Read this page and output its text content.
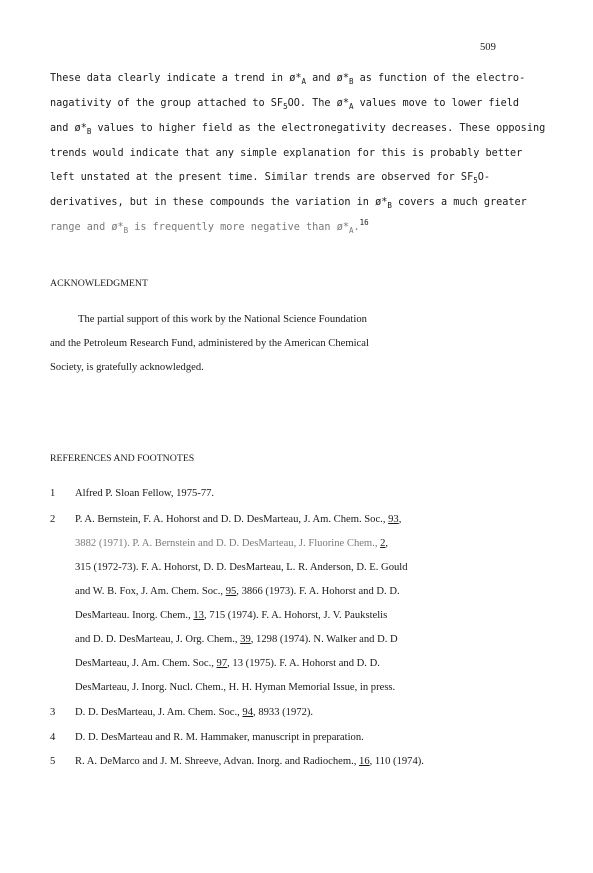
509
These data clearly indicate a trend in $ø*_A$ and $ø*_B$ as function of the electro-
nagativity of the group attached to $SF_5OO$. The $ø*_A$ values move to lower field
and $ø*_B$ values to higher field as the electronegativity decreases. These opposing
trends would indicate that any simple explanation for this is probably better
left unstated at the present time. Similar trends are observed for $SF_5O-$
derivatives, but in these compounds the variation in $ø*_B$ covers a much greater
range and $ø*_B$ is frequently more negative than $ø*_A.^{16}$
ACKNOWLEDGMENT
The partial support of this work by the National Science Foundation
and the Petroleum Research Fund, administered by the American Chemical
Society, is gratefully acknowledged.
REFERENCES AND FOOTNOTES
1 Alfred P. Sloan Fellow, 1975-77.
2 P. A. Bernstein, F. A. Hohorst and D. D. DesMarteau, J. Am. Chem. Soc., 93,
3882 (1971). P. A. Bernstein and D. D. DesMarteau, J. Fluorine Chem., 2,
315 (1972-73). F. A. Hohorst, D. D. DesMarteau, L. R. Anderson, D. E. Gould
and W. B. Fox, J. Am. Chem. Soc., 95, 3866 (1973). F. A. Hohorst and D. D.
DesMarteau. Inorg. Chem., 13, 715 (1974). F. A. Hohorst, J. V. Paukstelis
and D. D. DesMarteau, J. Org. Chem., 39, 1298 (1974). N. Walker and D. D
DesMarteau, J. Am. Chem. Soc., 97, 13 (1975). F. A. Hohorst and D. D.
DesMarteau, J. Inorg. Nucl. Chem., H. H. Hyman Memorial Issue, in press.
3 D. D. DesMarteau, J. Am. Chem. Soc., 94, 8933 (1972).
4 D. D. DesMarteau and R. M. Hammaker, manuscript in preparation.
5 R. A. DeMarco and J. M. Shreeve, Advan. Inorg. and Radiochem., 16, 110 (1974).
